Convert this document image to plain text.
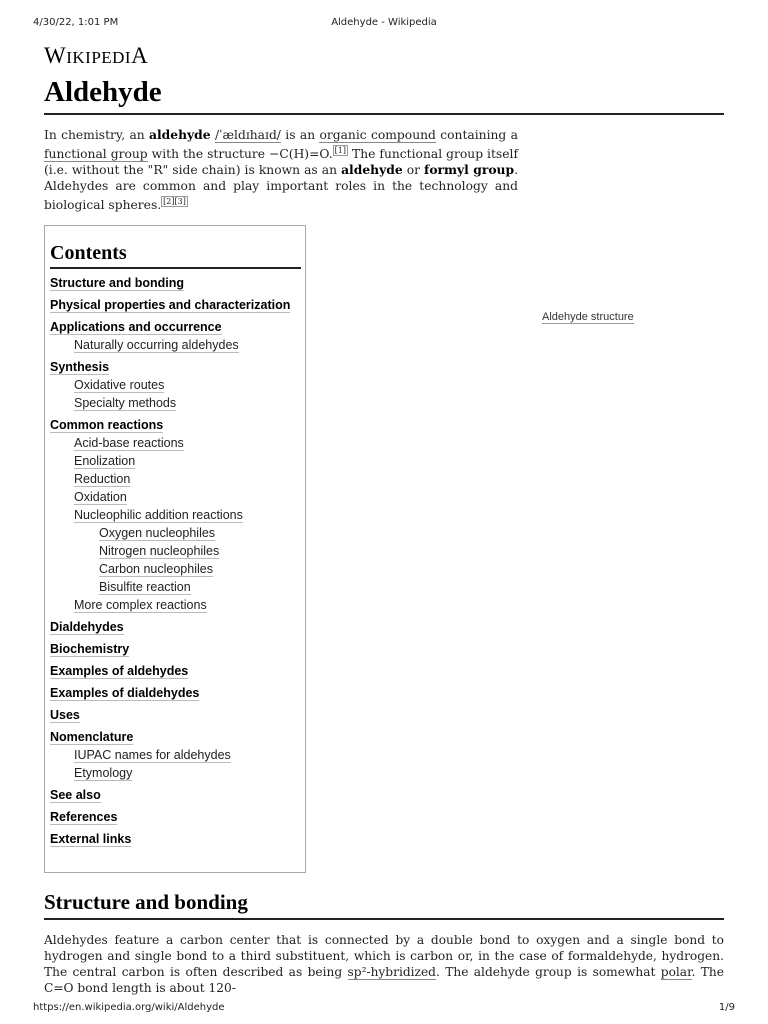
4/30/22, 1:01 PM	Aldehyde - Wikipedia
WIKIPEDIA
Aldehyde

In chemistry, an aldehyde /ˈældɪhaɪd/ is an organic compound containing a functional group with the structure −C(H)=O. [1] The functional group itself (i.e. without the "R" side chain) is known as an aldehyde or formyl group. Aldehydes are common and play important roles in the technology and biological spheres. [2][3]

Contents
Structure and bonding
Physical properties and characterization
Applications and occurrence
Naturally occurring aldehydes
Synthesis
Oxidative routes
Specialty methods
Common reactions
Acid-base reactions
Enolization
Reduction
Oxidation
Nucleophilic addition reactions
Oxygen nucleophiles
Nitrogen nucleophiles
Carbon nucleophiles
Bisulfite reaction
More complex reactions
Dialdehydes
Biochemistry
Examples of aldehydes
Examples of dialdehydes
Uses
Nomenclature
IUPAC names for aldehydes
Etymology
See also
References
External links
Aldehyde structure
Structure and bonding

Aldehydes feature a carbon center that is connected by a double bond to oxygen and a single bond to hydrogen and single bond to a third substituent, which is carbon or, in the case of formaldehyde, hydrogen. The central carbon is often described as being sp²-hybridized. The aldehyde group is somewhat polar. The C=O bond length is about 120-

https://en.wikipedia.org/wiki/Aldehyde	1/9
